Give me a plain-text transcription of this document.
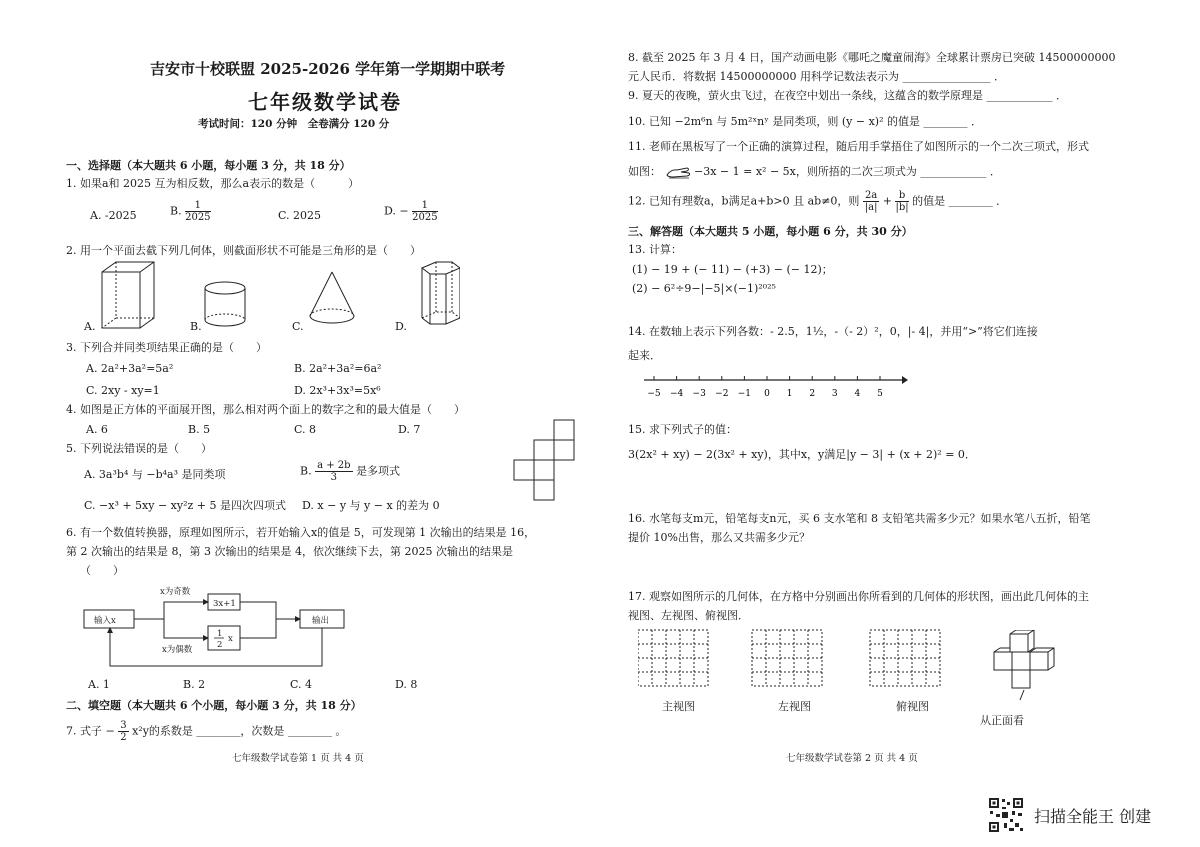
吉安市十校联盟 2025-2026 学年第一学期期中联考
七年级数学试卷
考试时间：120 分钟　全卷满分 120 分
一、选择题（本大题共 6 小题，每小题 3 分，共 18 分）
1. 如果a和 2025 互为相反数，那么a表示的数是（　　　）
A. -2025	B. $\frac{1}{2025}$	C. 2025	D. − $\frac{1}{2025}$
2. 用一个平面去截下列几何体，则截面形状不可能是三角形的是（　　）
A.	B.	C.	D.
3. 下列合并同类项结果正确的是（　　）
A. 2a²+3a²=5a²	B. 2a²+3a²=6a²
C. 2xy - xy=1	D. 2x³+3x³=5x⁶
4. 如图是正方体的平面展开图，那么相对两个面上的数字之和的最大值是（　　）
A. 6	B. 5	C. 8	D. 7
5. 下列说法错误的是（　　）
A. 3a³b⁴ 与 −b⁴a³ 是同类项	B. $\frac{a + 2b}{3}$ 是多项式
C. −x³ + 5xy − xy²z + 5 是四次四项式 D. x − y 与 y − x 的差为 0
6. 有一个数值转换器，原理如图所示，若开始输入x的值是 5，可发现第 1 次输出的结果是 16，
第 2 次输出的结果是 8，第 3 次输出的结果是 4，依次继续下去，第 2025 次输出的结果是
（　　）
输入x
x为奇数
x为偶数
3x+1
1
2
x
输出
A. 1	B. 2	C. 4	D. 8
二、填空题（本大题共 6 个小题，每小题 3 分，共 18 分）
7. 式子 − $\frac{3}{2} x^2y$的系数是 ________，次数是 ________ 。
七年级数学试卷第 1 页 共 4 页
8. 截至 2025 年 3 月 4 日，国产动画电影《哪吒之魔童闹海》全球累计票房已突破 14500000000
元人民币．将数据 14500000000 用科学记数法表示为 ________________ ．
9. 夏天的夜晚，萤火虫飞过，在夜空中划出一条线，这蕴含的数学原理是 ____________ ．
10. 已知 −2m⁶n 与 5m²ˣnʸ 是同类项，则 (y − x)² 的值是 ________ ．
11. 老师在黑板写了一个正确的演算过程，随后用手掌捂住了如图所示的一个二次三项式，形式
如图：	−3x − 1 = x² − 5x，则所捂的二次三项式为 ____________ ．
12. 已知有理数a，b满足a+b>0 且 ab≠0，则 $\frac{2a}{|a|} + \frac{b}{|b|}$ 的值是 ________ ．
三、解答题（本大题共 5 小题，每小题 6 分，共 30 分）
13. 计算：
(1) − 19 + (− 11) − (+3) − (− 12)；
(2) − 6²÷9−|−5|×(−1)²⁰²⁵
14. 在数轴上表示下列各数：- 2.5，1½，-（- 2）²，0，|- 4|，并用“>”将它们连接
起来．
−5 −4 −3 −2 −1 0 1 2 3 4 5
15. 求下列式子的值：
3(2x² + xy) − 2(3x² + xy)，其中x，y满足|y − 3| + (x + 2)² = 0．
16. 水笔每支m元，铅笔每支n元，买 6 支水笔和 8 支铅笔共需多少元？如果水笔八五折，铅笔
提价 10%出售，那么又共需多少元？
17. 观察如图所示的几何体，在方格中分别画出你所看到的几何体的形状图，画出此几何体的主
视图、左视图、俯视图．
主视图	左视图	俯视图
从正面看
七年级数学试卷第 2 页 共 4 页
扫描全能王 创建
